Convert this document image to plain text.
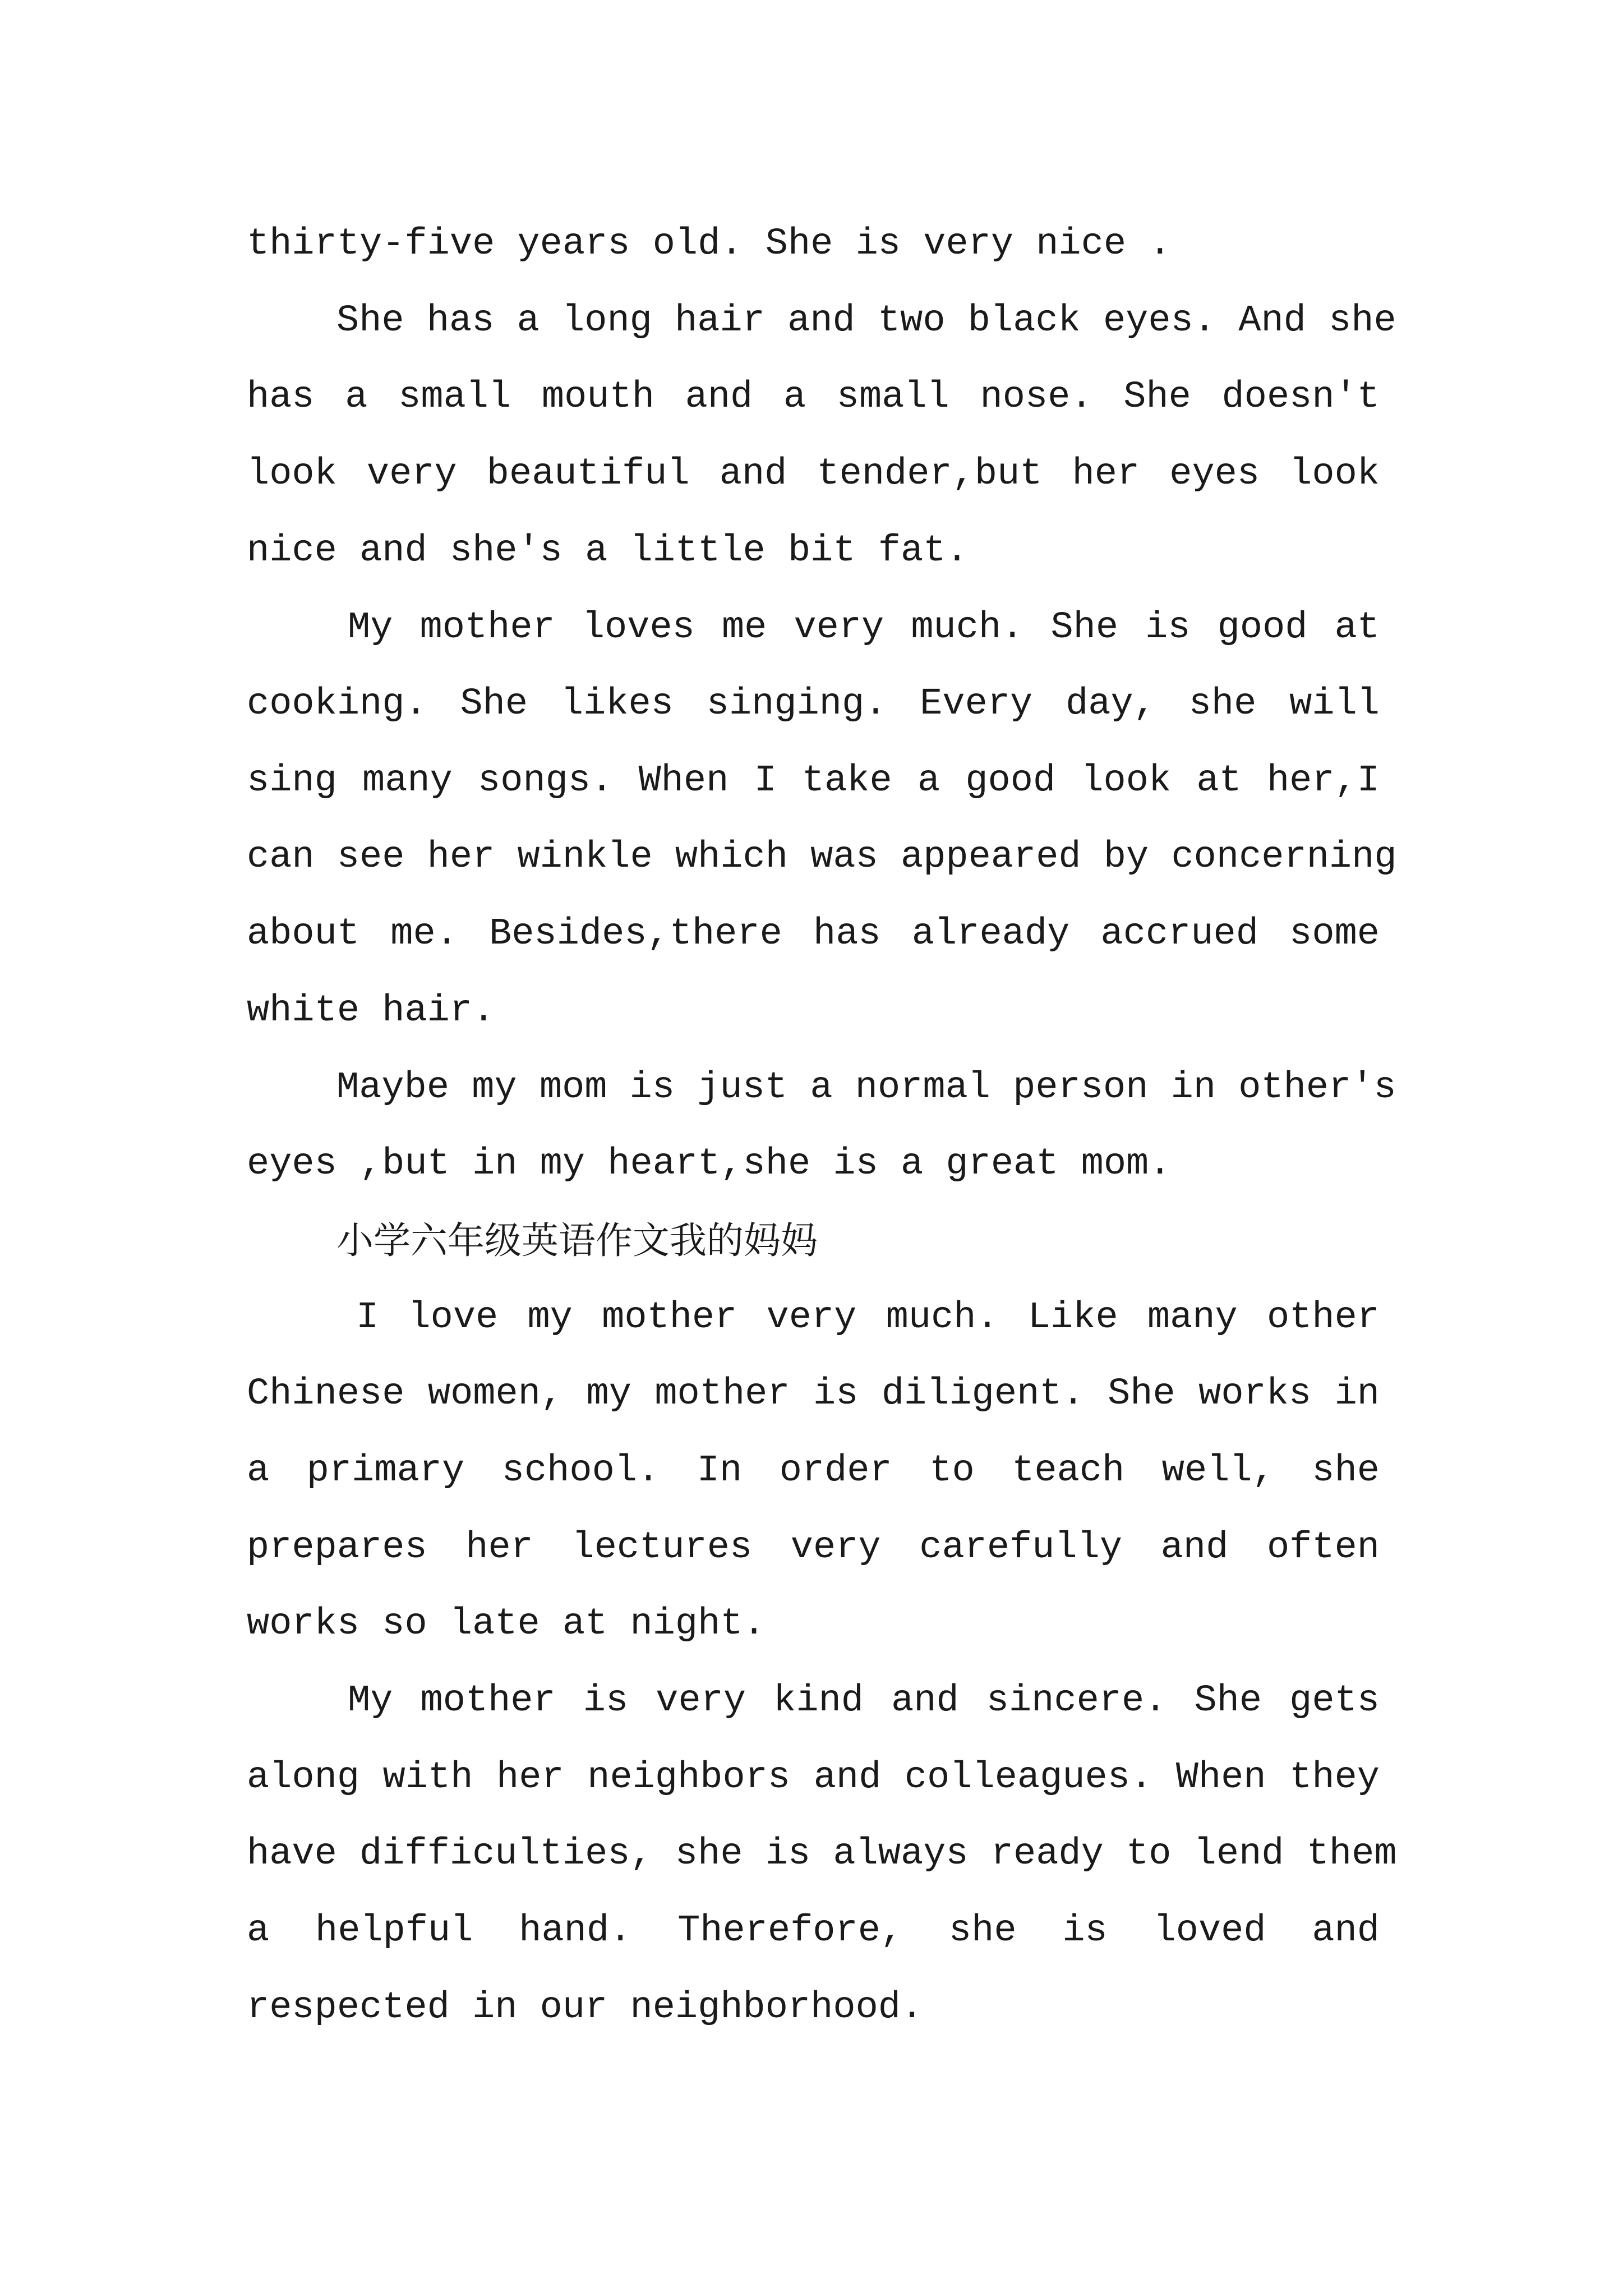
thirty-five years old. She is very nice .

She has a long hair and two black eyes. And she

has a small mouth and a small nose. She doesn't

look very beautiful and tender,but her eyes look

nice and she's a little bit fat.

My mother loves me very much. She is good at

cooking. She likes singing. Every day, she will

sing many songs. When I take a good look at her,I

can see her winkle which was appeared by concerning

about me. Besides,there has already accrued some

white hair.

Maybe my mom is just a normal person in other's

eyes ,but in my heart,she is a great mom.

小学六年级英语作文我的妈妈

I love my mother very much. Like many other

Chinese women, my mother is diligent. She works in

a primary school. In order to teach well, she

prepares her lectures very carefully and often

works so late at night.

My mother is very kind and sincere. She gets

along with her neighbors and colleagues. When they

have difficulties, she is always ready to lend them

a helpful hand. Therefore, she is loved and

respected in our neighborhood.
